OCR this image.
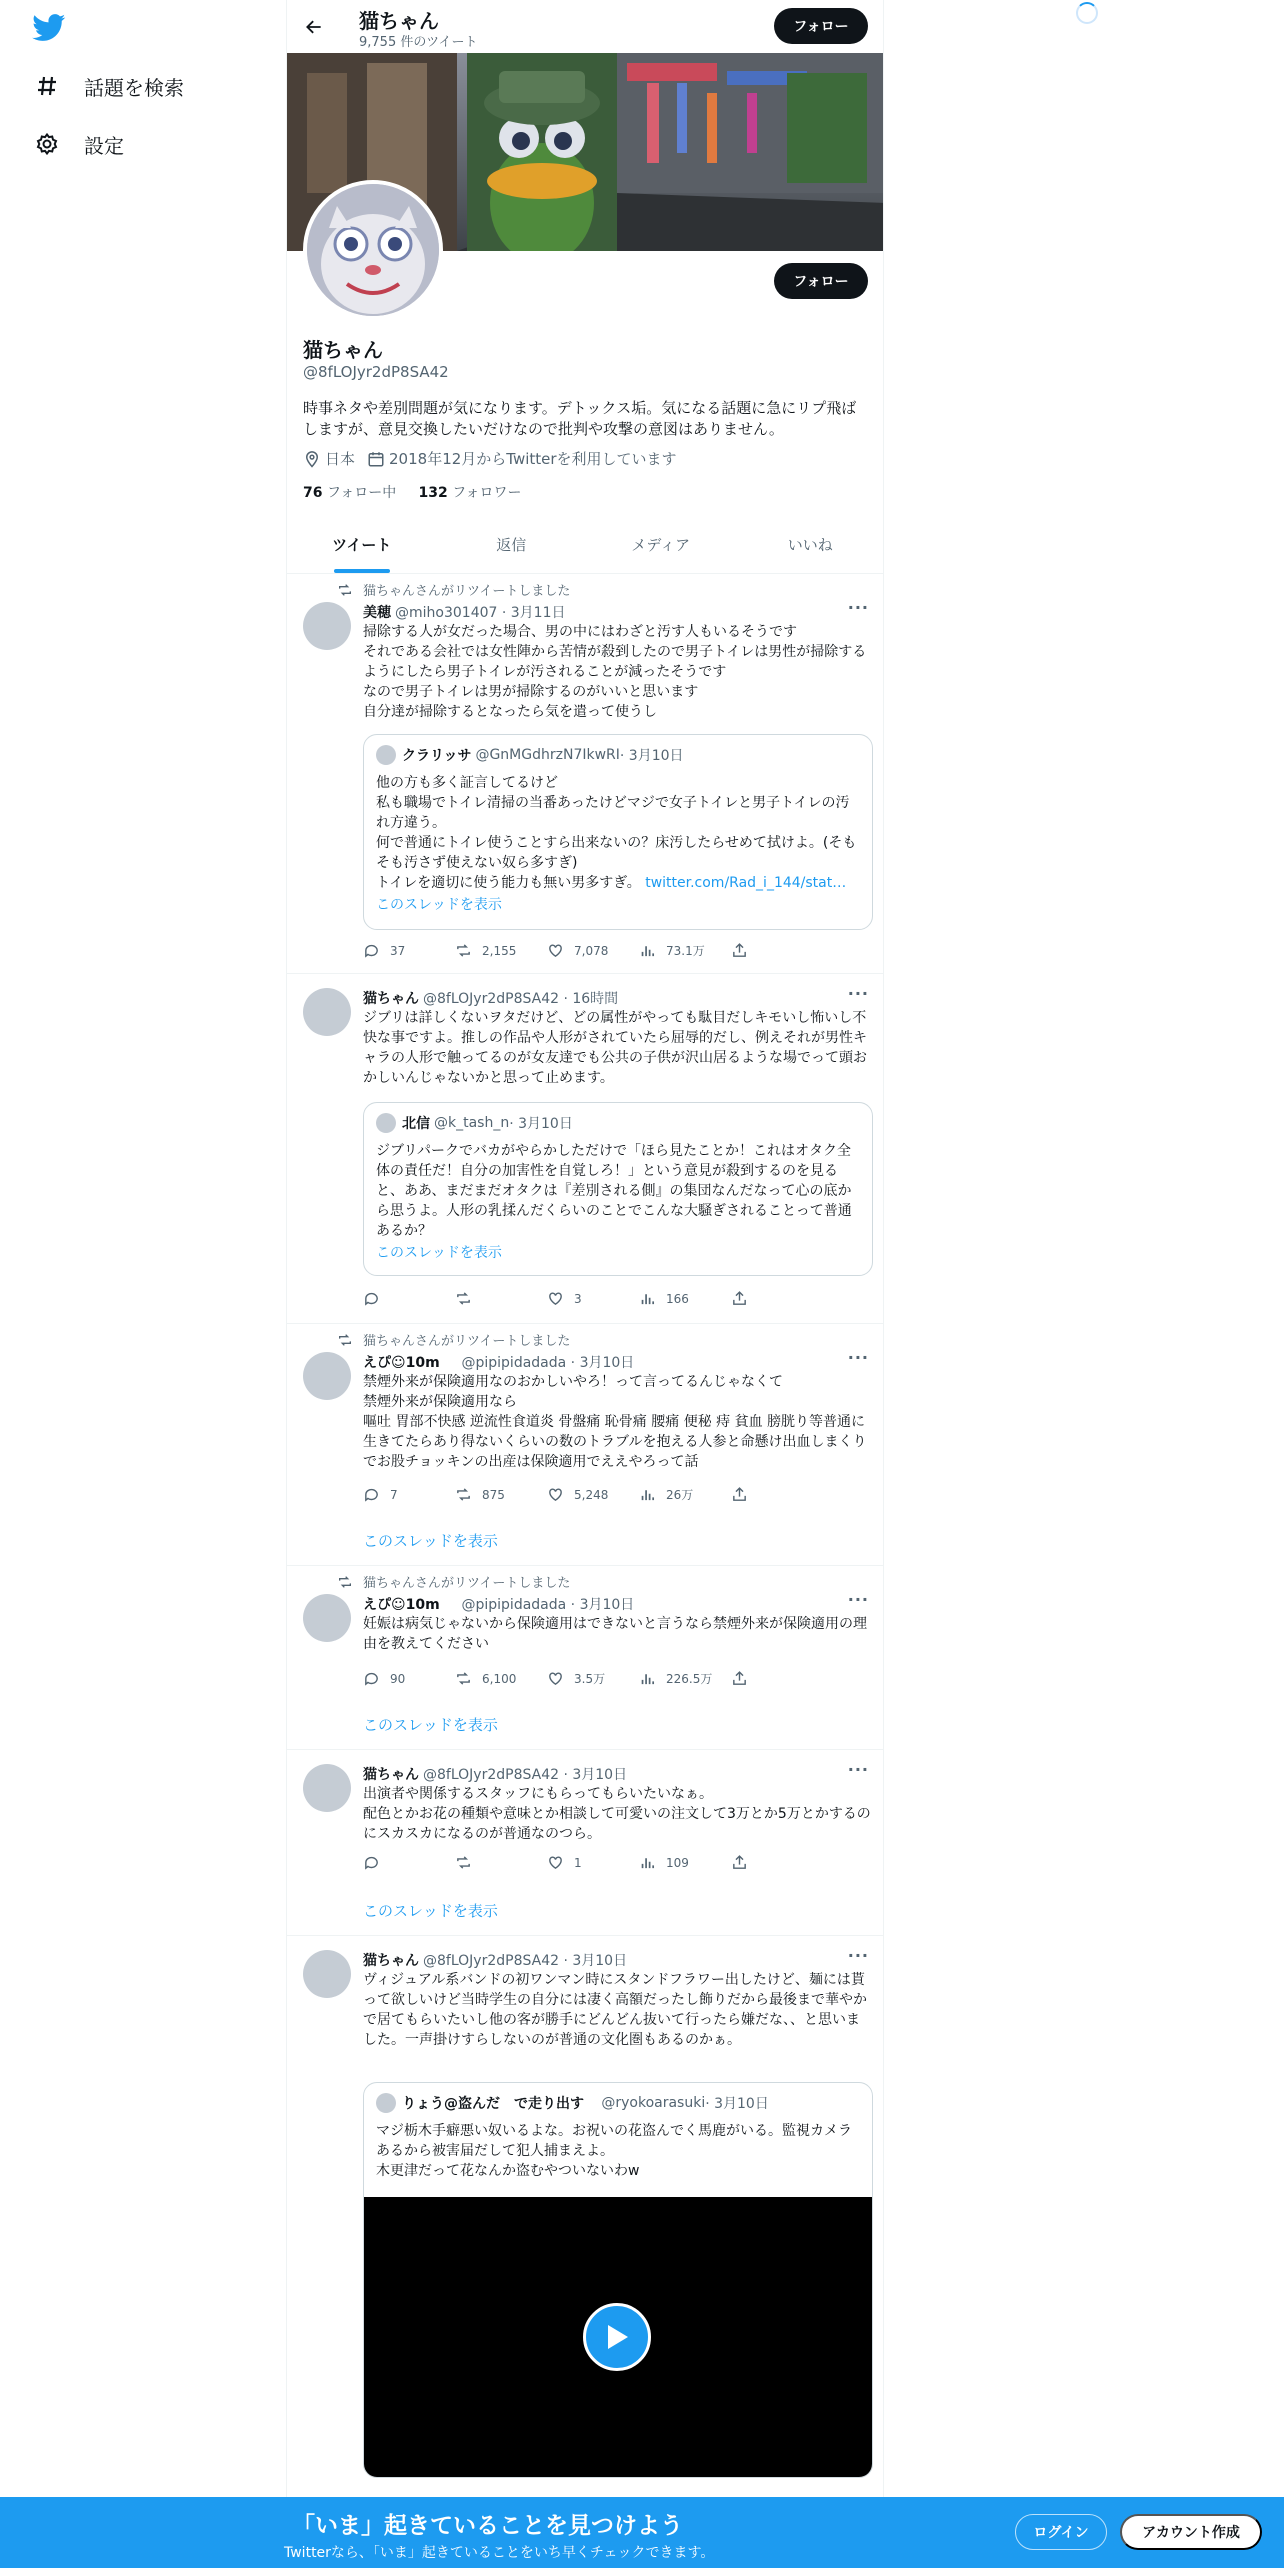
話題を検索
設定
猫ちゃん
9,755 件のツイート
フォロー
フォロー
猫ちゃん
@8fLOJyr2dP8SA42
時事ネタや差別問題が気になります。デトックス垢。気になる話題に急にリプ飛ばしますが、意見交換したいだけなので批判や攻撃の意図はありません。
日本 2018年12月からTwitterを利用しています
76 フォロー中 132 フォロワー
ツイート	返信	メディア	いいね
猫ちゃんさんがリツイートしました
美穂 @miho301407 · 3月11日	···
掃除する人が女だった場合、男の中にはわざと汚す人もいるそうです
それである会社では女性陣から苦情が殺到したので男子トイレは男性が掃除するようにしたら男子トイレが汚されることが減ったそうです
なので男子トイレは男が掃除するのがいいと思います
自分達が掃除するとなったら気を遣って使うし
クラリッサ @GnMGdhrzN7IkwRI · 3月10日
他の方も多く証言してるけど
私も職場でトイレ清掃の当番あったけどマジで女子トイレと男子トイレの汚れ方違う。
何で普通にトイレ使うことすら出来ないの？床汚したらせめて拭けよ。(そもそも汚さず使えない奴ら多すぎ)
トイレを適切に使う能力も無い男多すぎ。 twitter.com/Rad_i_144/stat…
このスレッドを表示
37	2,155	7,078	73.1万
猫ちゃん @8fLOJyr2dP8SA42 · 16時間	···
ジブリは詳しくないヲタだけど、どの属性がやっても駄目だしキモいし怖いし不快な事ですよ。推しの作品や人形がされていたら屈辱的だし、例えそれが男性キャラの人形で触ってるのが女友達でも公共の子供が沢山居るような場でって頭おかしいんじゃないかと思って止めます。
北信 @k_tash_n · 3月10日
ジブリパークでバカがやらかしただけで「ほら見たことか！これはオタク全体の責任だ！自分の加害性を自覚しろ！」という意見が殺到するのを見ると、ああ、まだまだオタクは『差別される側』の集団なんだなって心の底から思うよ。人形の乳揉んだくらいのことでこんな大騒ぎされることって普通あるか？
このスレッドを表示
3	166
猫ちゃんさんがリツイートしました
えぴ☺10m @pipipidadada · 3月10日	···
禁煙外来が保険適用なのおかしいやろ！って言ってるんじゃなくて
禁煙外来が保険適用なら
嘔吐 胃部不快感 逆流性食道炎 骨盤痛 恥骨痛 腰痛 便秘 痔 貧血 膀胱り等普通に生きてたらあり得ないくらいの数のトラブルを抱える人参と命懸け出血しまくりでお股チョッキンの出産は保険適用でええやろって話
7	875	5,248	26万
このスレッドを表示
猫ちゃんさんがリツイートしました
えぴ☺10m @pipipidadada · 3月10日	···
妊娠は病気じゃないから保険適用はできないと言うなら禁煙外来が保険適用の理由を教えてください
90	6,100	3.5万	226.5万
このスレッドを表示
猫ちゃん @8fLOJyr2dP8SA42 · 3月10日	···
出演者や関係するスタッフにもらってもらいたいなぁ。
配色とかお花の種類や意味とか相談して可愛いの注文して3万とか5万とかするのにスカスカになるのが普通なのつら。
1	109
このスレッドを表示
猫ちゃん @8fLOJyr2dP8SA42 · 3月10日	···
ヴィジュアル系バンドの初ワンマン時にスタンドフラワー出したけど、麺には貰って欲しいけど当時学生の自分には凄く高額だったし飾りだから最後まで華やかで居てもらいたいし他の客が勝手にどんどん抜いて行ったら嫌だな、、と思いました。一声掛けすらしないのが普通の文化圏もあるのかぁ。
りょう@盗んだ　で走り出す
@ryokoarasuki · 3月10日
マジ栃木手癖悪い奴いるよな。お祝いの花盗んでく馬鹿がいる。監視カメラあるから被害届だして犯人捕まえよ。
木更津だって花なんか盗むやついないわw
「いま」起きていることを見つけよう
Twitterなら、「いま」起きていることをいち早くチェックできます。
ログイン	アカウント作成
